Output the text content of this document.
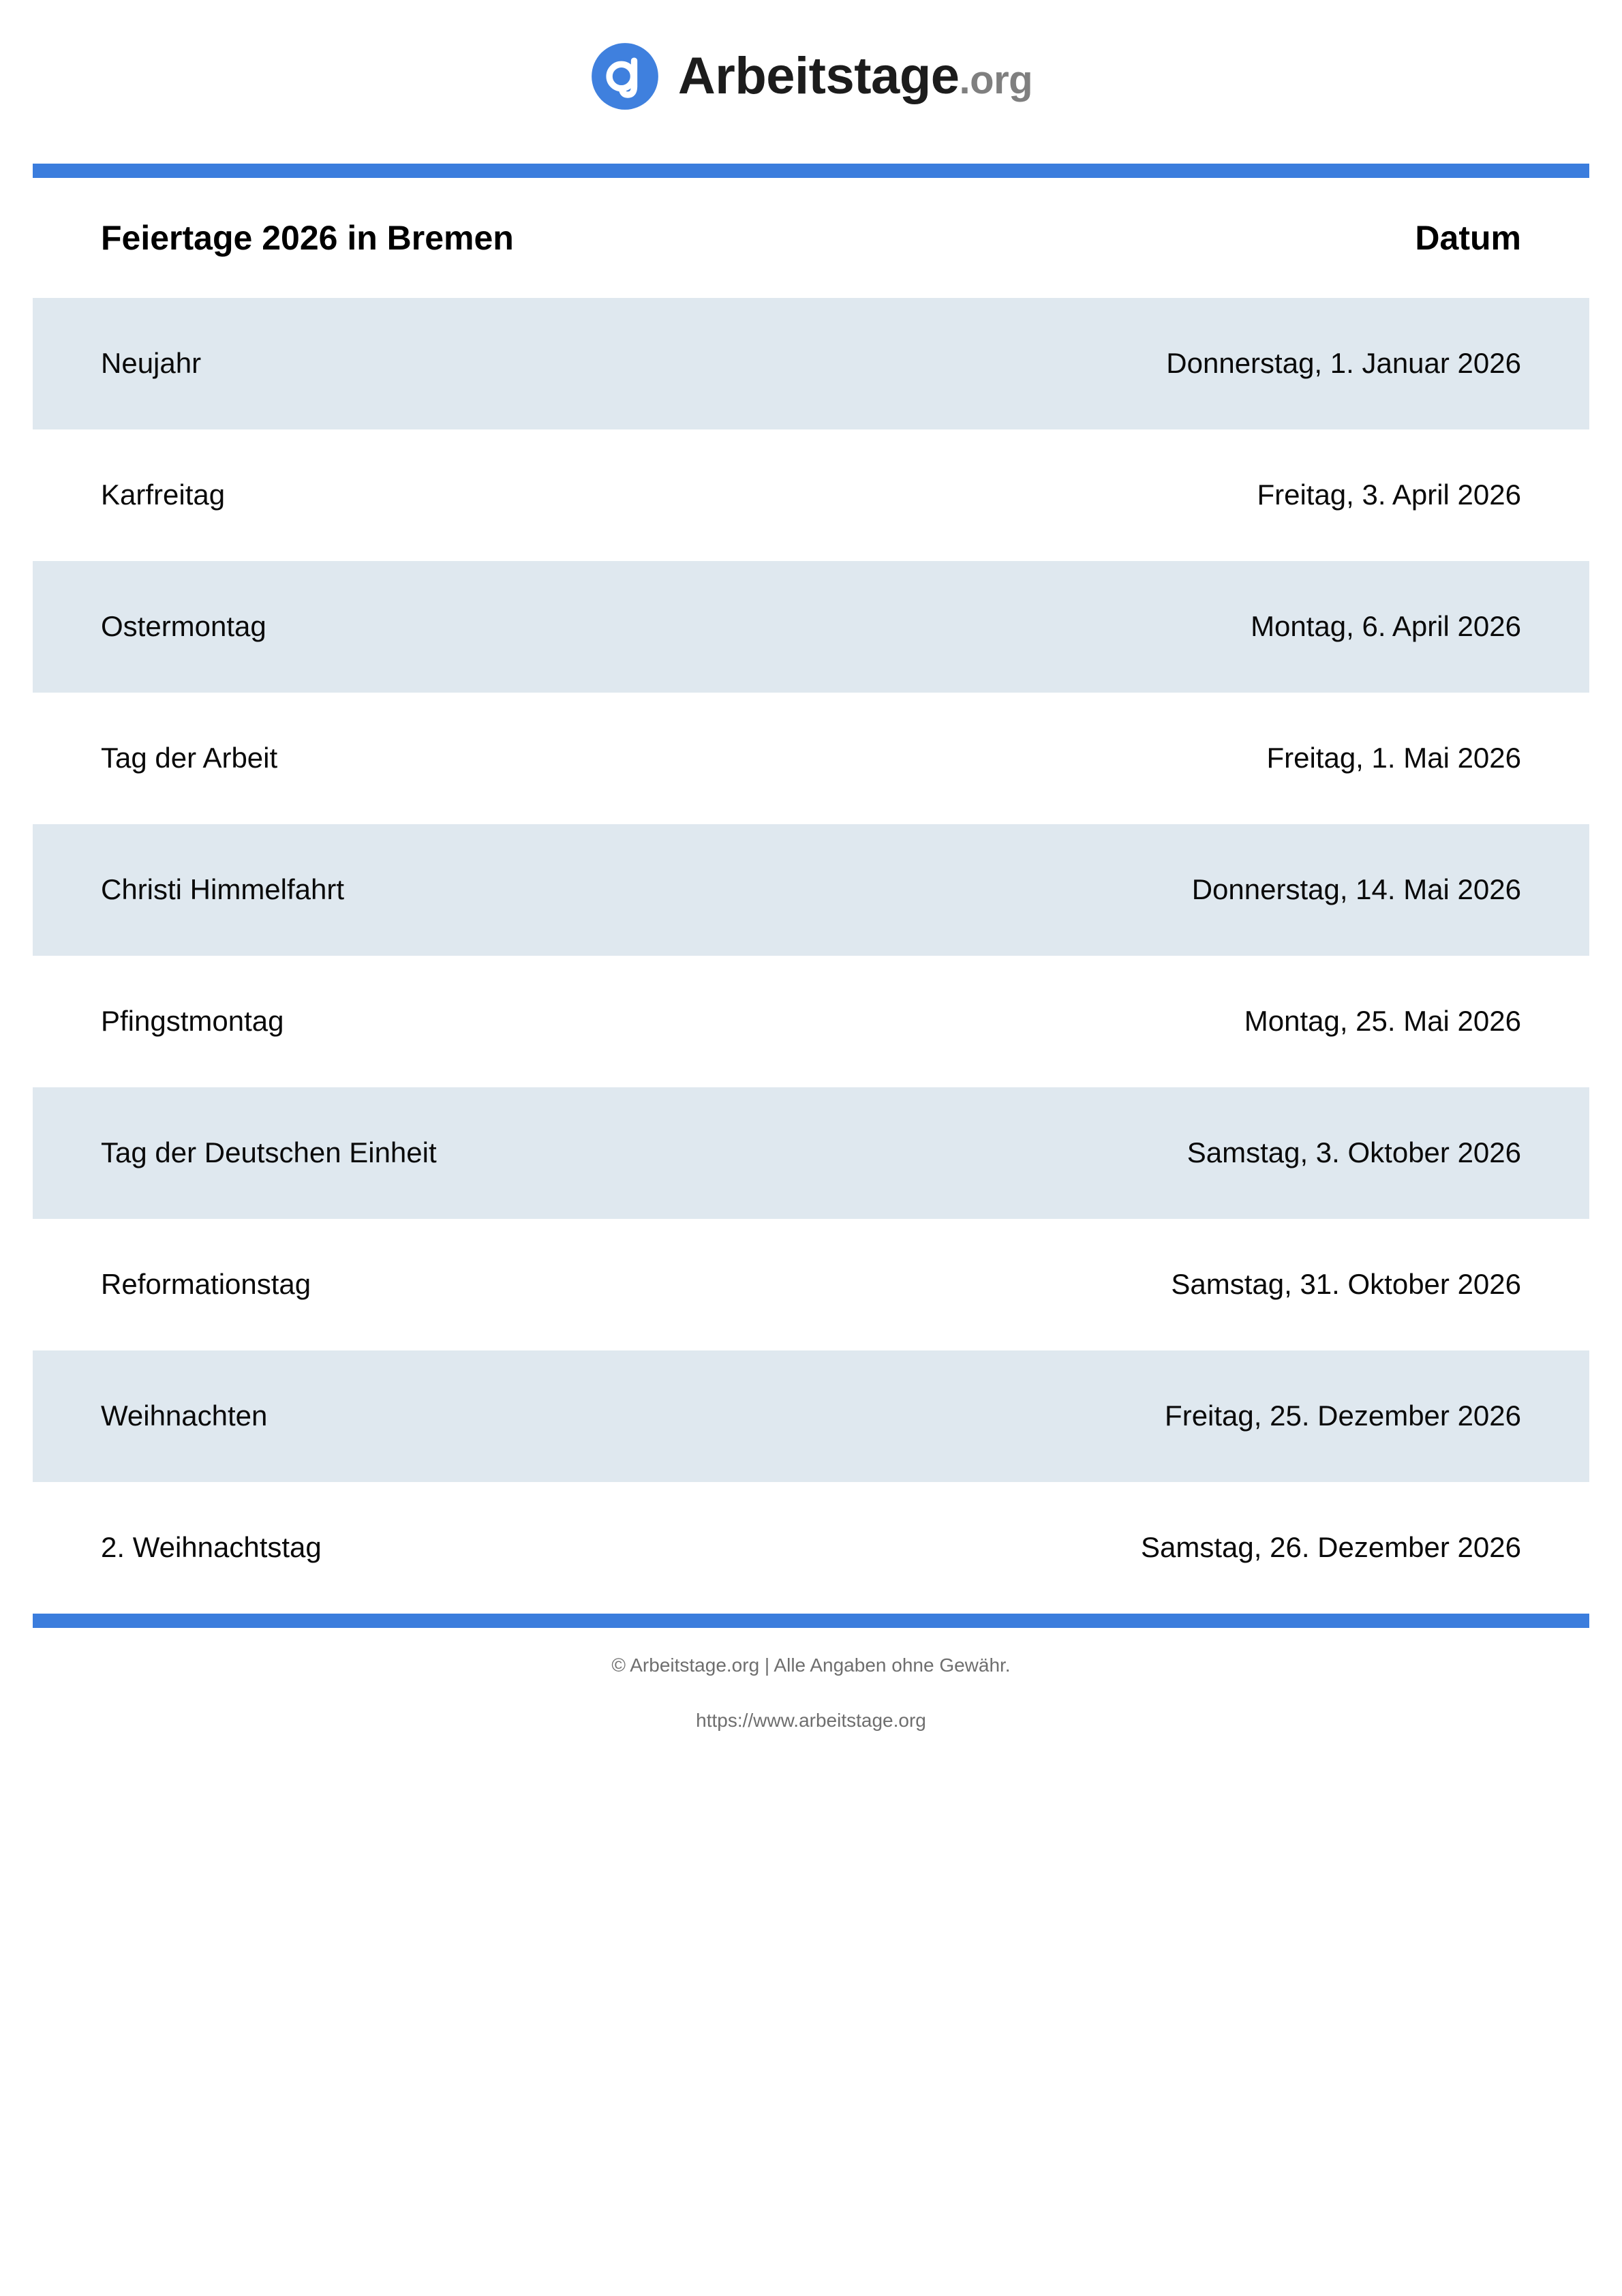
Arbeitstage.org
Feiertage 2026 in Bremen	Datum
Neujahr	Donnerstag, 1. Januar 2026
Karfreitag	Freitag, 3. April 2026
Ostermontag	Montag, 6. April 2026
Tag der Arbeit	Freitag, 1. Mai 2026
Christi Himmelfahrt	Donnerstag, 14. Mai 2026
Pfingstmontag	Montag, 25. Mai 2026
Tag der Deutschen Einheit	Samstag, 3. Oktober 2026
Reformationstag	Samstag, 31. Oktober 2026
Weihnachten	Freitag, 25. Dezember 2026
2. Weihnachtstag	Samstag, 26. Dezember 2026
© Arbeitstage.org | Alle Angaben ohne Gewähr.
https://www.arbeitstage.org
